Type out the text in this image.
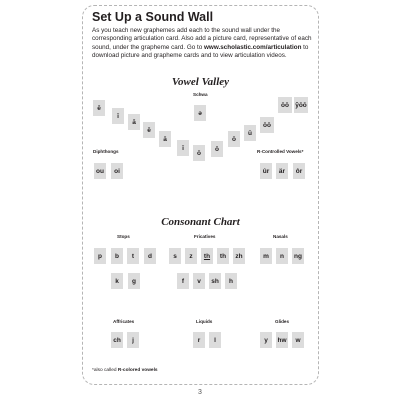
Set Up a Sound Wall
As you teach new graphemes add each to the sound wall under the corresponding articulation card. Also add a picture card, representative of each sound, under the grapheme card. Go to www.scholastic.com/articulation to download picture and grapheme cards and to view articulation videos.
Vowel Valley
Schwa
ə
ē
ĭ
ā
ĕ
ă
ĭ
ŏ
ō
ŏ
ŭ
ŏŏ
ŏŏ y̆ŏŏ
Diphthongs
ou oi
R-Controlled Vowels*
ûr är ôr
Consonant Chart
Stops
p b t d
k g
Fricatives
s z th th zh
f v sh h
Nasals
m n ng
Affricates
ch j
Liquids
r l
Glides
y hw w
*also called R-colored vowels
3
